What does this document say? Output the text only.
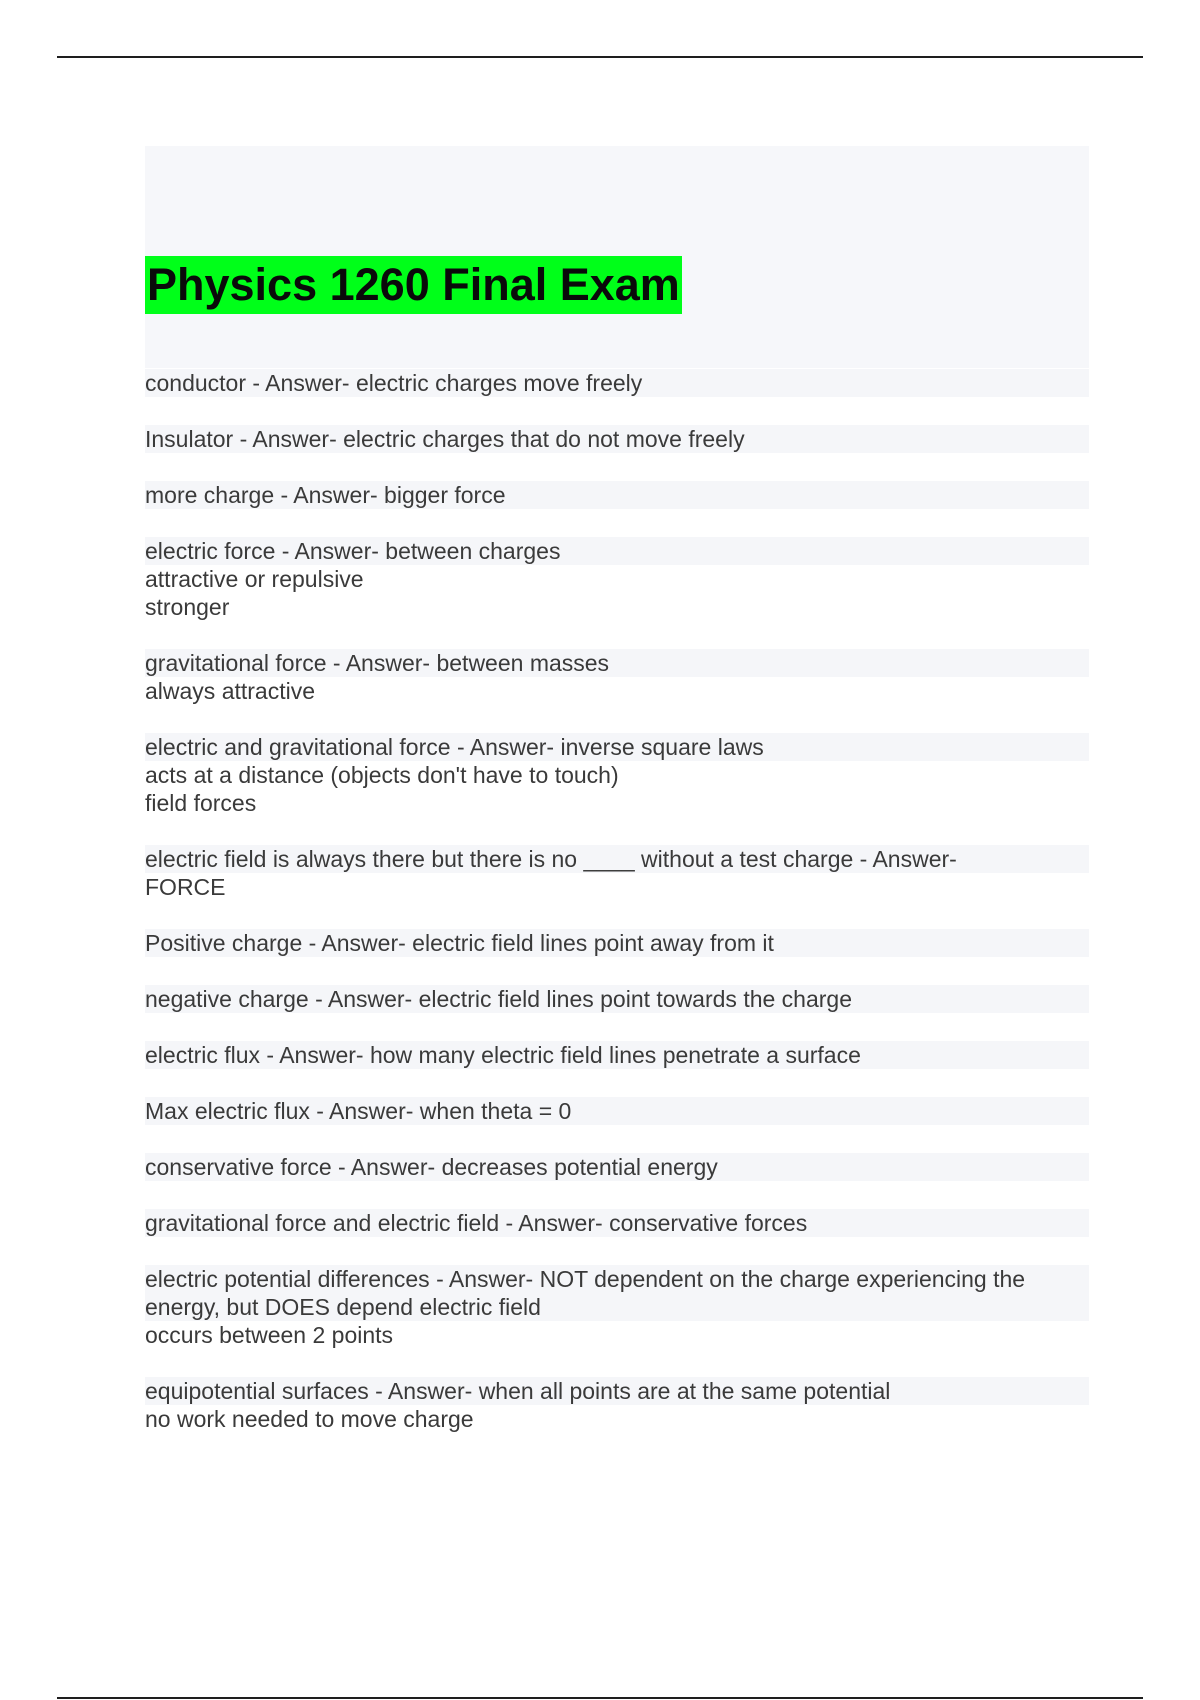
Physics 1260 Final Exam
conductor - Answer- electric charges move freely
Insulator - Answer- electric charges that do not move freely
more charge - Answer- bigger force
electric force - Answer- between charges
attractive or repulsive
stronger
gravitational force - Answer- between masses
always attractive
electric and gravitational force - Answer- inverse square laws
acts at a distance (objects don't have to touch)
field forces
electric field is always there but there is no ____ without a test charge - Answer-
FORCE
Positive charge - Answer- electric field lines point away from it
negative charge - Answer- electric field lines point towards the charge
electric flux - Answer- how many electric field lines penetrate a surface
Max electric flux - Answer- when theta = 0
conservative force - Answer- decreases potential energy
gravitational force and electric field - Answer- conservative forces
electric potential differences - Answer- NOT dependent on the charge experiencing the energy, but DOES depend electric field
occurs between 2 points
equipotential surfaces - Answer- when all points are at the same potential
no work needed to move charge
